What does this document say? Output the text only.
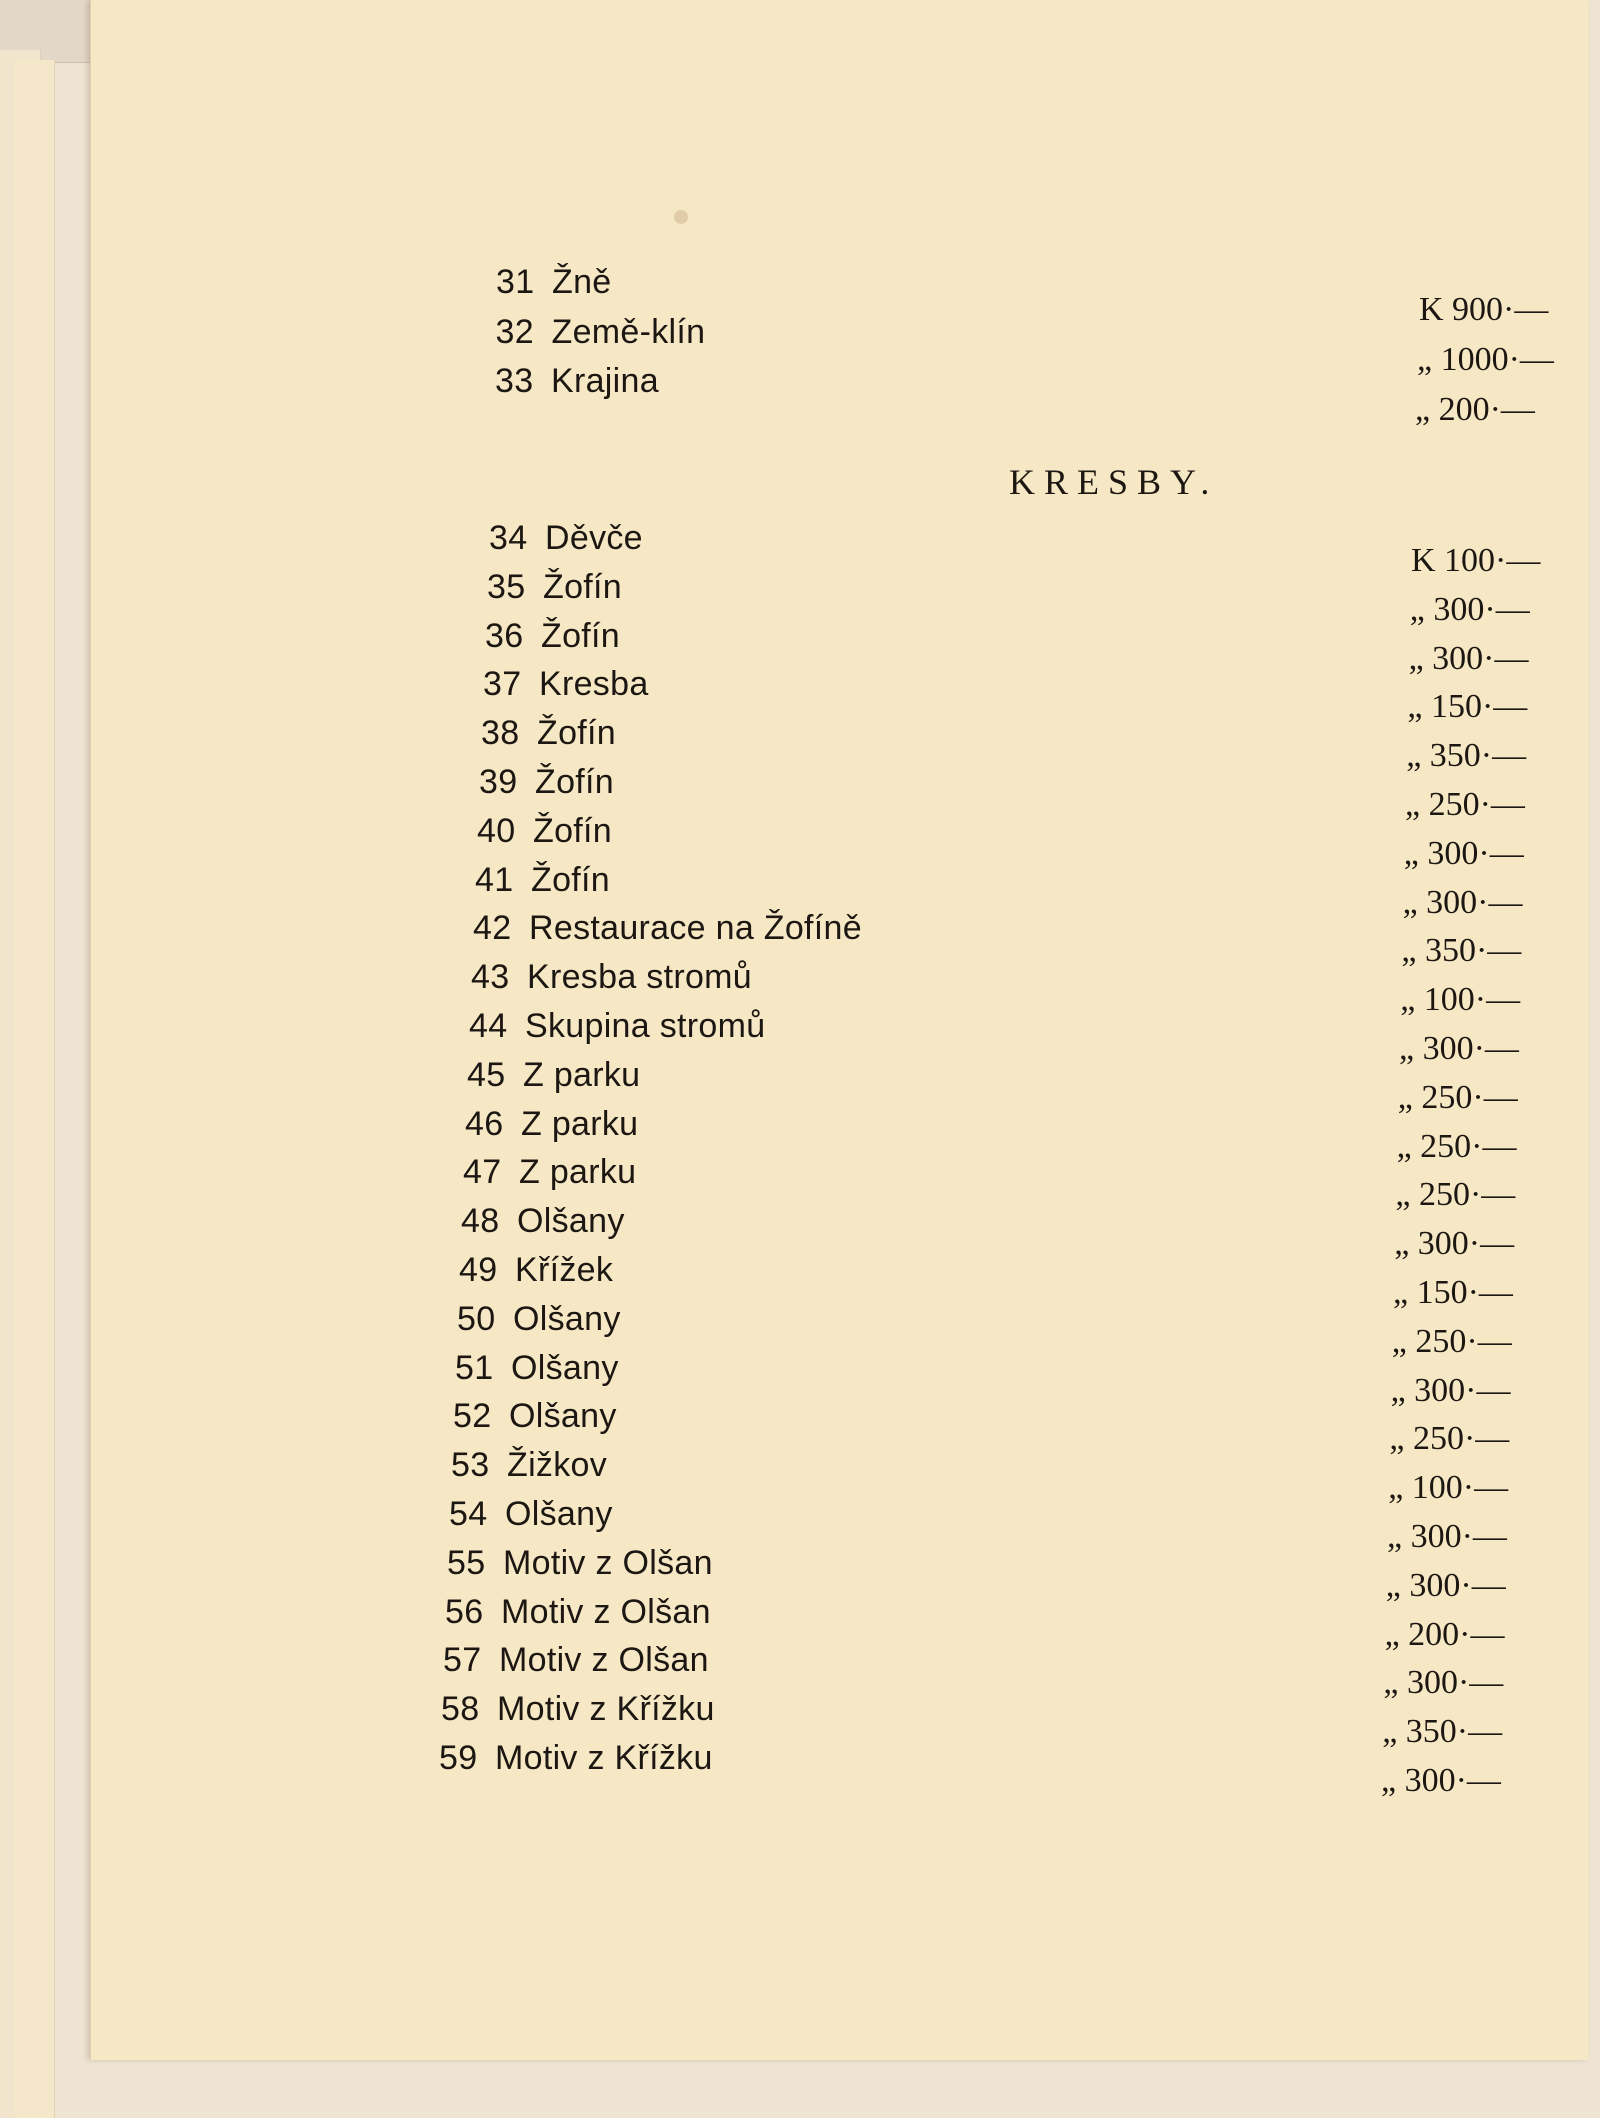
31 Žně
K 900·—
32 Země-klín
„ 1000·—
33 Krajina
„ 200·—
KRESBY.
34 Děvče
K 100·—
35 Žofín
„ 300·—
36 Žofín
„ 300·—
37 Kresba
„ 150·—
38 Žofín
„ 350·—
39 Žofín
„ 250·—
40 Žofín
„ 300·—
41 Žofín
„ 300·—
42 Restaurace na Žofíně
„ 350·—
43 Kresba stromů
„ 100·—
44 Skupina stromů
„ 300·—
45 Z parku
„ 250·—
46 Z parku
„ 250·—
47 Z parku
„ 250·—
48 Olšany
„ 300·—
49 Křížek
„ 150·—
50 Olšany
„ 250·—
51 Olšany
„ 300·—
52 Olšany
„ 250·—
53 Žižkov
„ 100·—
54 Olšany
„ 300·—
55 Motiv z Olšan
„ 300·—
56 Motiv z Olšan
„ 200·—
57 Motiv z Olšan
„ 300·—
58 Motiv z Křížku
„ 350·—
59 Motiv z Křížku
„ 300·—
